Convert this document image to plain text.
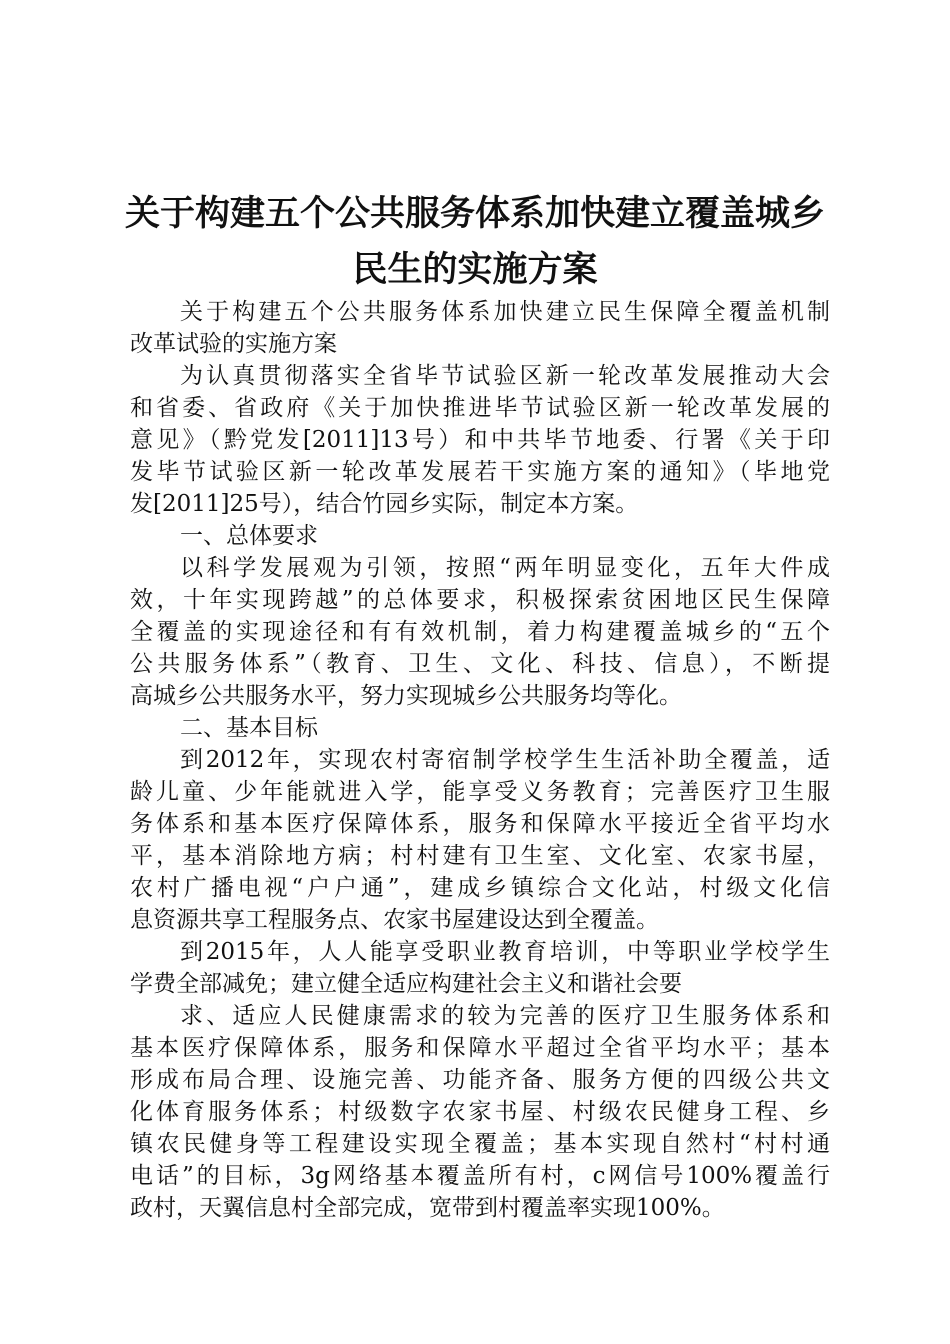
关于构建五个公共服务体系加快建立覆盖城乡
民生的实施方案
关于构建五个公共服务体系加快建立民生保障全覆盖机制
改革试验的实施方案
为认真贯彻落实全省毕节试验区新一轮改革发展推动大会
和省委、省政府《关于加快推进毕节试验区新一轮改革发展的
意见》（黔党发[2011]13号）和中共毕节地委、行署《关于印
发毕节试验区新一轮改革发展若干实施方案的通知》（毕地党
发[2011]25号），结合竹园乡实际，制定本方案。
一、总体要求
以科学发展观为引领，按照“两年明显变化，五年大件成
效，十年实现跨越”的总体要求，积极探索贫困地区民生保障
全覆盖的实现途径和有有效机制，着力构建覆盖城乡的“五个
公共服务体系”（教育、卫生、文化、科技、信息），不断提
高城乡公共服务水平，努力实现城乡公共服务均等化。
二、基本目标
到2012年，实现农村寄宿制学校学生生活补助全覆盖，适
龄儿童、少年能就进入学，能享受义务教育；完善医疗卫生服
务体系和基本医疗保障体系，服务和保障水平接近全省平均水
平，基本消除地方病；村村建有卫生室、文化室、农家书屋，
农村广播电视“户户通”，建成乡镇综合文化站，村级文化信
息资源共享工程服务点、农家书屋建设达到全覆盖。
到2015年，人人能享受职业教育培训，中等职业学校学生
学费全部减免；建立健全适应构建社会主义和谐社会要
求、适应人民健康需求的较为完善的医疗卫生服务体系和
基本医疗保障体系，服务和保障水平超过全省平均水平；基本
形成布局合理、设施完善、功能齐备、服务方便的四级公共文
化体育服务体系；村级数字农家书屋、村级农民健身工程、乡
镇农民健身等工程建设实现全覆盖；基本实现自然村“村村通
电话”的目标，3g网络基本覆盖所有村，c网信号100%覆盖行
政村，天翼信息村全部完成，宽带到村覆盖率实现100%。
